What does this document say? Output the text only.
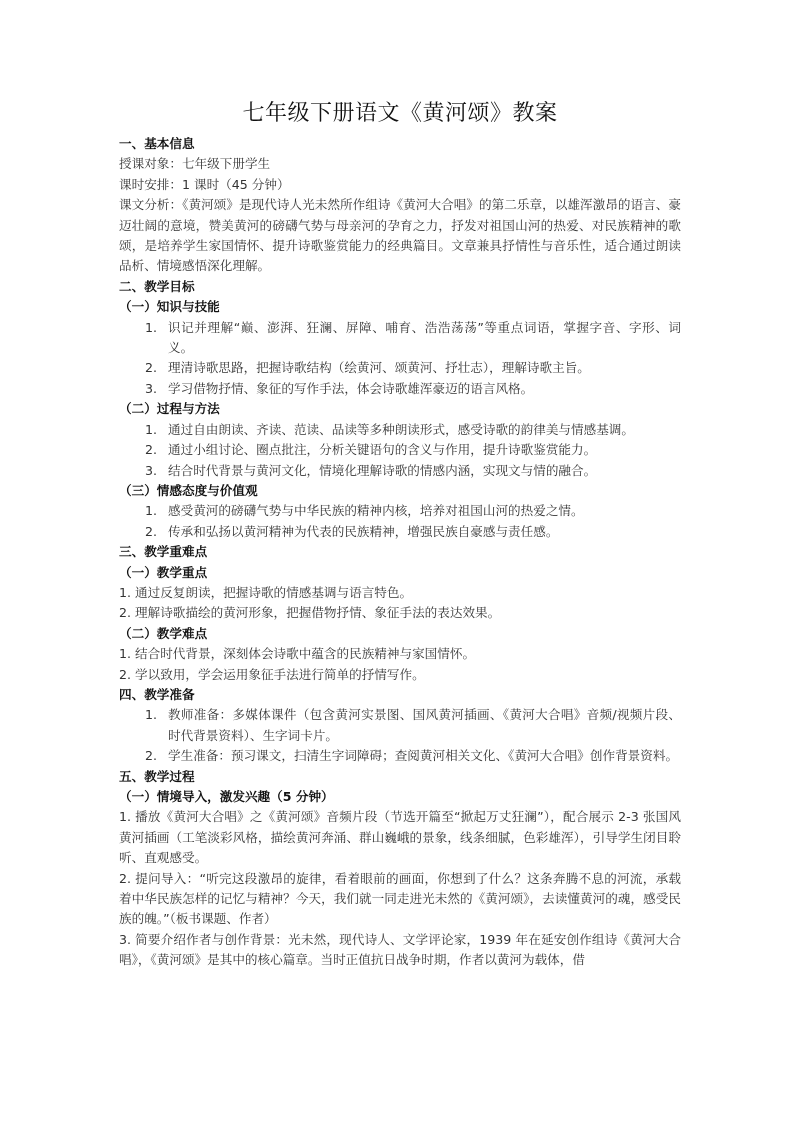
七年级下册语文《黄河颂》教案
一、基本信息
授课对象：七年级下册学生
课时安排：1 课时（45 分钟）
课文分析：《黄河颂》是现代诗人光未然所作组诗《黄河大合唱》的第二乐章，以雄浑激昂的语言、豪迈壮阔的意境，赞美黄河的磅礴气势与母亲河的孕育之力，抒发对祖国山河的热爱、对民族精神的歌颂，是培养学生家国情怀、提升诗歌鉴赏能力的经典篇目。文章兼具抒情性与音乐性，适合通过朗读品析、情境感悟深化理解。
二、教学目标
（一）知识与技能
1. 识记并理解“巅、澎湃、狂澜、屏障、哺育、浩浩荡荡”等重点词语，掌握字音、字形、词义。
2. 理清诗歌思路，把握诗歌结构（绘黄河、颂黄河、抒壮志），理解诗歌主旨。
3. 学习借物抒情、象征的写作手法，体会诗歌雄浑豪迈的语言风格。
（二）过程与方法
1. 通过自由朗读、齐读、范读、品读等多种朗读形式，感受诗歌的韵律美与情感基调。
2. 通过小组讨论、圈点批注，分析关键语句的含义与作用，提升诗歌鉴赏能力。
3. 结合时代背景与黄河文化，情境化理解诗歌的情感内涵，实现文与情的融合。
（三）情感态度与价值观
1. 感受黄河的磅礴气势与中华民族的精神内核，培养对祖国山河的热爱之情。
2. 传承和弘扬以黄河精神为代表的民族精神，增强民族自豪感与责任感。
三、教学重难点
（一）教学重点
1. 通过反复朗读，把握诗歌的情感基调与语言特色。
2. 理解诗歌描绘的黄河形象，把握借物抒情、象征手法的表达效果。
（二）教学难点
1. 结合时代背景，深刻体会诗歌中蕴含的民族精神与家国情怀。
2. 学以致用，学会运用象征手法进行简单的抒情写作。
四、教学准备
1. 教师准备：多媒体课件（包含黄河实景图、国风黄河插画、《黄河大合唱》音频/视频片段、时代背景资料）、生字词卡片。
2. 学生准备：预习课文，扫清生字词障碍；查阅黄河相关文化、《黄河大合唱》创作背景资料。
五、教学过程
（一）情境导入，激发兴趣（5 分钟）
1. 播放《黄河大合唱》之《黄河颂》音频片段（节选开篇至“掀起万丈狂澜”），配合展示 2-3 张国风黄河插画（工笔淡彩风格，描绘黄河奔涌、群山巍峨的景象，线条细腻，色彩雄浑），引导学生闭目聆听、直观感受。
2. 提问导入：“听完这段激昂的旋律，看着眼前的画面，你想到了什么？这条奔腾不息的河流，承载着中华民族怎样的记忆与精神？今天，我们就一同走进光未然的《黄河颂》，去读懂黄河的魂，感受民族的魄。”（板书课题、作者）
3. 简要介绍作者与创作背景：光未然，现代诗人、文学评论家，1939 年在延安创作组诗《黄河大合唱》，《黄河颂》是其中的核心篇章。当时正值抗日战争时期，作者以黄河为载体，借
